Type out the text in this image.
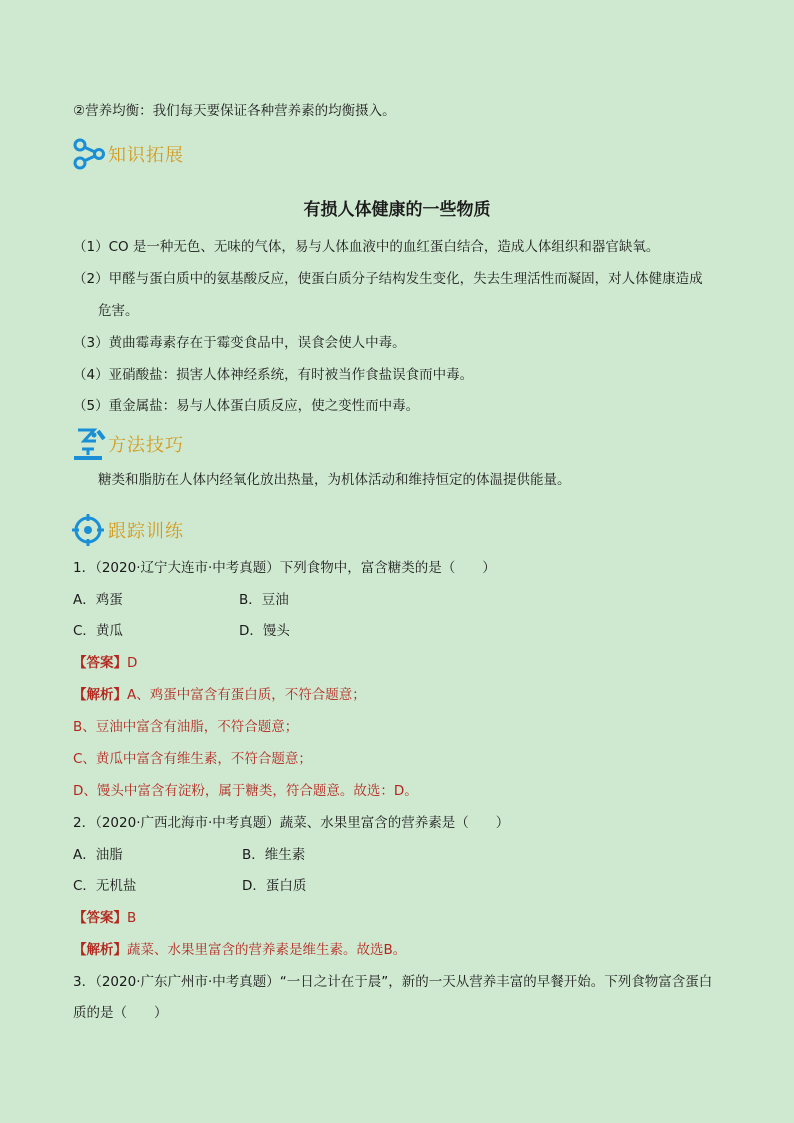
②营养均衡：我们每天要保证各种营养素的均衡摄入。
知识拓展
有损人体健康的一些物质
（1）CO 是一种无色、无味的气体，易与人体血液中的血红蛋白结合，造成人体组织和器官缺氧。
（2）甲醛与蛋白质中的氨基酸反应，使蛋白质分子结构发生变化，失去生理活性而凝固，对人体健康造成
危害。
（3）黄曲霉毒素存在于霉变食品中，误食会使人中毒。
（4）亚硝酸盐：损害人体神经系统，有时被当作食盐误食而中毒。
（5）重金属盐：易与人体蛋白质反应，使之变性而中毒。
方法技巧
糖类和脂肪在人体内经氧化放出热量，为机体活动和维持恒定的体温提供能量。
跟踪训练
1．（2020·辽宁大连市·中考真题）下列食物中，富含糖类的是（　　）
A．鸡蛋	B．豆油
C．黄瓜	D．馒头
【答案】D
【解析】A、鸡蛋中富含有蛋白质，不符合题意；
B、豆油中富含有油脂，不符合题意；
C、黄瓜中富含有维生素，不符合题意；
D、馒头中富含有淀粉，属于糖类，符合题意。故选：D。
2．（2020·广西北海市·中考真题）蔬菜、水果里富含的营养素是（　　）
A．油脂	B．维生素
C．无机盐	D．蛋白质
【答案】B
【解析】蔬菜、水果里富含的营养素是维生素。故选B。
3．（2020·广东广州市·中考真题）“一日之计在于晨”，新的一天从营养丰富的早餐开始。下列食物富含蛋白
质的是（　　）
